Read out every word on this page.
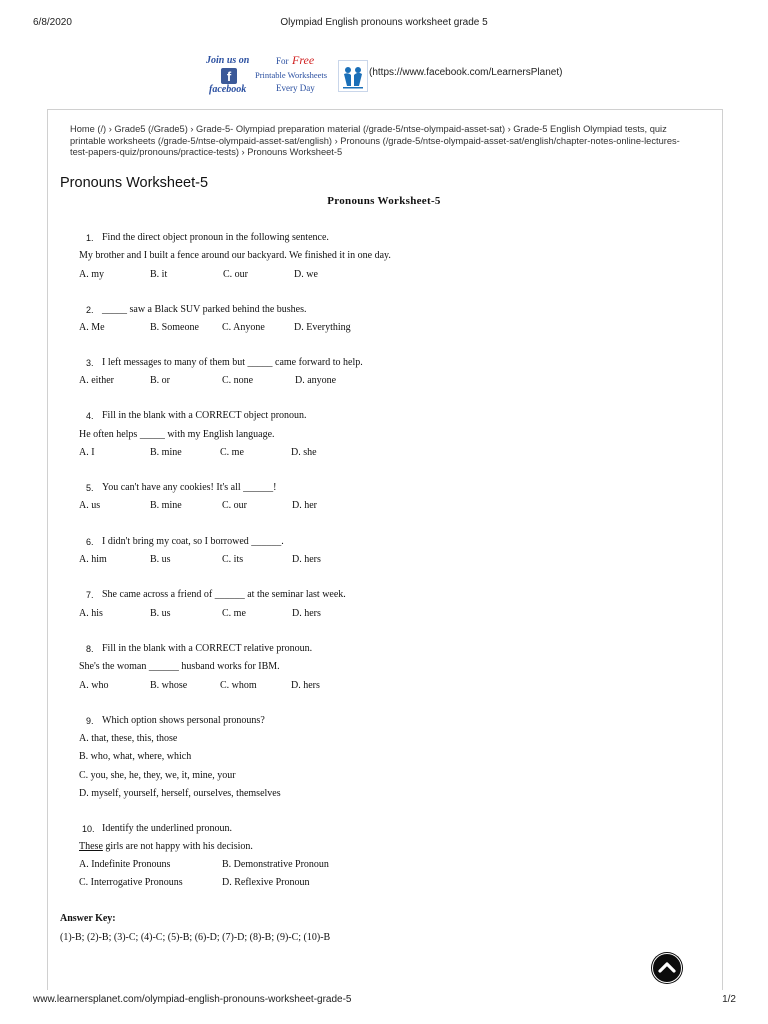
6/8/2020	Olympiad English pronouns worksheet grade 5
www.learnersplanet.com/olympiad-english-pronouns-worksheet-grade-5	1/2
Join us on
f
facebook
For Free
Printable Worksheets
Every Day
(https://www.facebook.com/LearnersPlanet)
Home (/) › Grade5 (/Grade5) › Grade-5- Olympiad preparation material (/grade-5/ntse-olympaid-asset-sat) › Grade-5 English Olympiad tests, quiz printable worksheets (/grade-5/ntse-olympaid-asset-sat/english) › Pronouns (/grade-5/ntse-olympaid-asset-sat/english/chapter-notes-online-lectures-test-papers-quiz/pronouns/practice-tests) › Pronouns Worksheet-5
Pronouns Worksheet-5
Pronouns Worksheet-5
1. Find the direct object pronoun in the following sentence.
My brother and I built a fence around our backyard. We finished it in one day.
A. my	B. it	C. our	D. we
2. _____ saw a Black SUV parked behind the bushes.
A. Me	B. Someone C. Anyone	D. Everything
3. I left messages to many of them but _____ came forward to help.
A. either	B. or	C. none	D. anyone
4. Fill in the blank with a CORRECT object pronoun.
He often helps _____ with my English language.
A. I	B. mine	C. me	D. she
5. You can't have any cookies! It's all ______!
A. us	B. mine	C. our	D. her
6. I didn't bring my coat, so I borrowed ______.
A. him	B. us	C. its	D. hers
7. She came across a friend of ______ at the seminar last week.
A. his	B. us	C. me	D. hers
8. Fill in the blank with a CORRECT relative pronoun.
She's the woman ______ husband works for IBM.
A. who	B. whose	C. whom	D. hers
9. Which option shows personal pronouns?
A. that, these, this, those
B. who, what, where, which
C. you, she, he, they, we, it, mine, your
D. myself, yourself, herself, ourselves, themselves
10. Identify the underlined pronoun.
These girls are not happy with his decision.
A. Indefinite Pronouns	B. Demonstrative Pronoun
C. Interrogative Pronouns	D. Reflexive Pronoun
Answer Key:
(1)-B; (2)-B; (3)-C; (4)-C; (5)-B; (6)-D; (7)-D; (8)-B; (9)-C; (10)-B
